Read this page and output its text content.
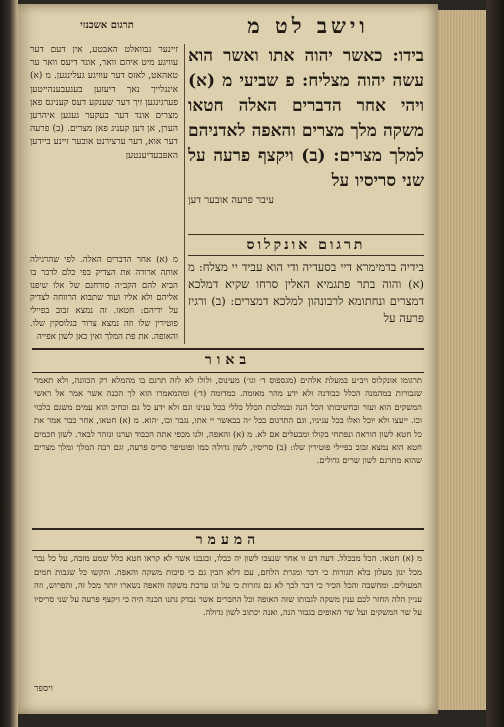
וישב לט מ
תרגום אשכנזי
בידו: כאשר יהוה אתו ואשר הוא עשה יהוה מצליח: פ שביעי מ (א) ויהי אחר הדברים האלה חטאו משקה מלך מצרים והאפה לאדניהם למלך מצרים: (ב) ויקצף פרעה על שני סריסיו על
עיבר פרעה אובער דען
תרגום אונקלוס
בידיה בדמימרא דיי בסעדיה ודי הוא עביד יי מצלח: מ (א) והוה בתר פתגמיא האלין סרחו שקיא דמלכא דמצרים ונחתומא לרבונהון למלכא דמצרים: (ב) ורגיז פרעה על
זיינער גבוואלט האבטע, אין דעם דער עוויגע מיט איהם וואר, אונד דיעס וואר ער טאהאט, לאזס דער עוויגע געלינגען. מ (א) אינגלייך נאך דיעזען בעגעבענהייטען פערגינגען זיך דער שענקע דעס קעניגס פאן מצרים אונד דער בעקער געגען איהרען הערן, אן דען קעניג פאן מצרים. (ב) פרעה דער אוא, דער ערצירנט אובער זיינע ביידען האפבעדיענטען
מ (א) אחר הדברים האלה. לפי שהרגילה אותה ארורה את הצדיק בפי כלם לדבר בו הביא להם הקב״ה סורחנם של אלו שיפנו אליהם ולא אליו ועוד שתבוא הרווחה לצדיק על ידיהם: חטאו. זה נמצא זבוב בפיילי פוטירין שלו וזה נמצא צרור בגלוסקין שלו. והאופה. את פת המלך ואין כאן לשון אפייה
באור
תרגומו אונקלוס ויב״ע במעלת אלהים (מגספוס ד׳ וגו׳) מעינוס, ולולו לא לזה תרגם בו מהמלא רק הכוונה, ולא תאמר שגבורות במהמנה הכלל כבודנה ולא ידע מהר מאומה. כמדומה (ד׳) ומהמאמרו הוא לך הכנה אשר אמר אל ראשי המשקים הוא ועזר ובחשיבותו הכל הנה ובמלכות הכלל כללי בכל ענינו וגם ולא ידע כל גם וכחיב הוא עמים משגם כלכוי וכו. ייעצו ולא יוכל ואלו בכל עניניו, וגם התרגום בכל ״ה בבאשר יי אתו, נגבר וכו, ׳הוא. מ (א) חטאו, אחר כבר אמר את כל חטא לשון הוראה ונפתחי בקולו ומבעלים אם לא. מ (א) והאפה, ולגו מכפי אתה הכבוד וערנו ונזהר לבאר. לשון חכמים חטא הוא נמצא זבוב בפיילי פוטירין שלו: (ב) סריסיו, לשון גדולה כמו ופוטיפר סריס פרעה, וגם רבה המלך ומלך מצרים שהוא מתרגם לשון שרים גדולים.
המעמר
מ (א) חטאו. הכל מבכלל. דעה דע זו אחר שנצבו לשון יה כבלו, ובגבנו אשר לא קראו חטא כלל שמע מזבה, על כל נבר מכל ינון מעלון בלא תגורות כי דבר ומגרת הלחם, עם דלא הבין גם כי סיבות משקה והאפה. והקשו כל שגבות חמים המעולים. ומחשבה והכל הכיר כי דבר לכך לא גם גוזרות כי על וגו ערכת משקה והאפה נשארו יותר מכל זה, והפרוש, וזה עניין הלה החזר לכם ענין משקה לגבותו שזה האופה וכל החברים אשר נבדק נתנו הכנה היה כי ויקצף פרעה על שני סריסיו על שר המשקים ועל שר האופים בגבור הנה, ואנה יכתוב לשון גדולה.
ויספר
